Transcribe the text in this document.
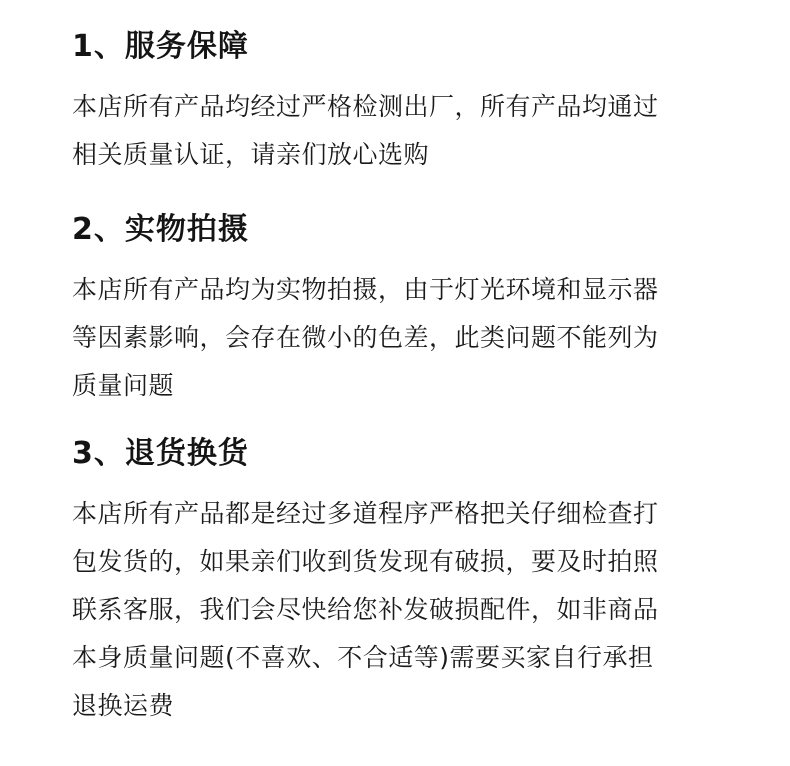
1、服务保障

本店所有产品均经过严格检测出厂，所有产品均通过
相关质量认证，请亲们放心选购

2、实物拍摄

本店所有产品均为实物拍摄，由于灯光环境和显示器
等因素影响，会存在微小的色差，此类问题不能列为
质量问题

3、退货换货

本店所有产品都是经过多道程序严格把关仔细检查打
包发货的，如果亲们收到货发现有破损，要及时拍照
联系客服，我们会尽快给您补发破损配件，如非商品
本身质量问题(不喜欢、不合适等)需要买家自行承担
退换运费
